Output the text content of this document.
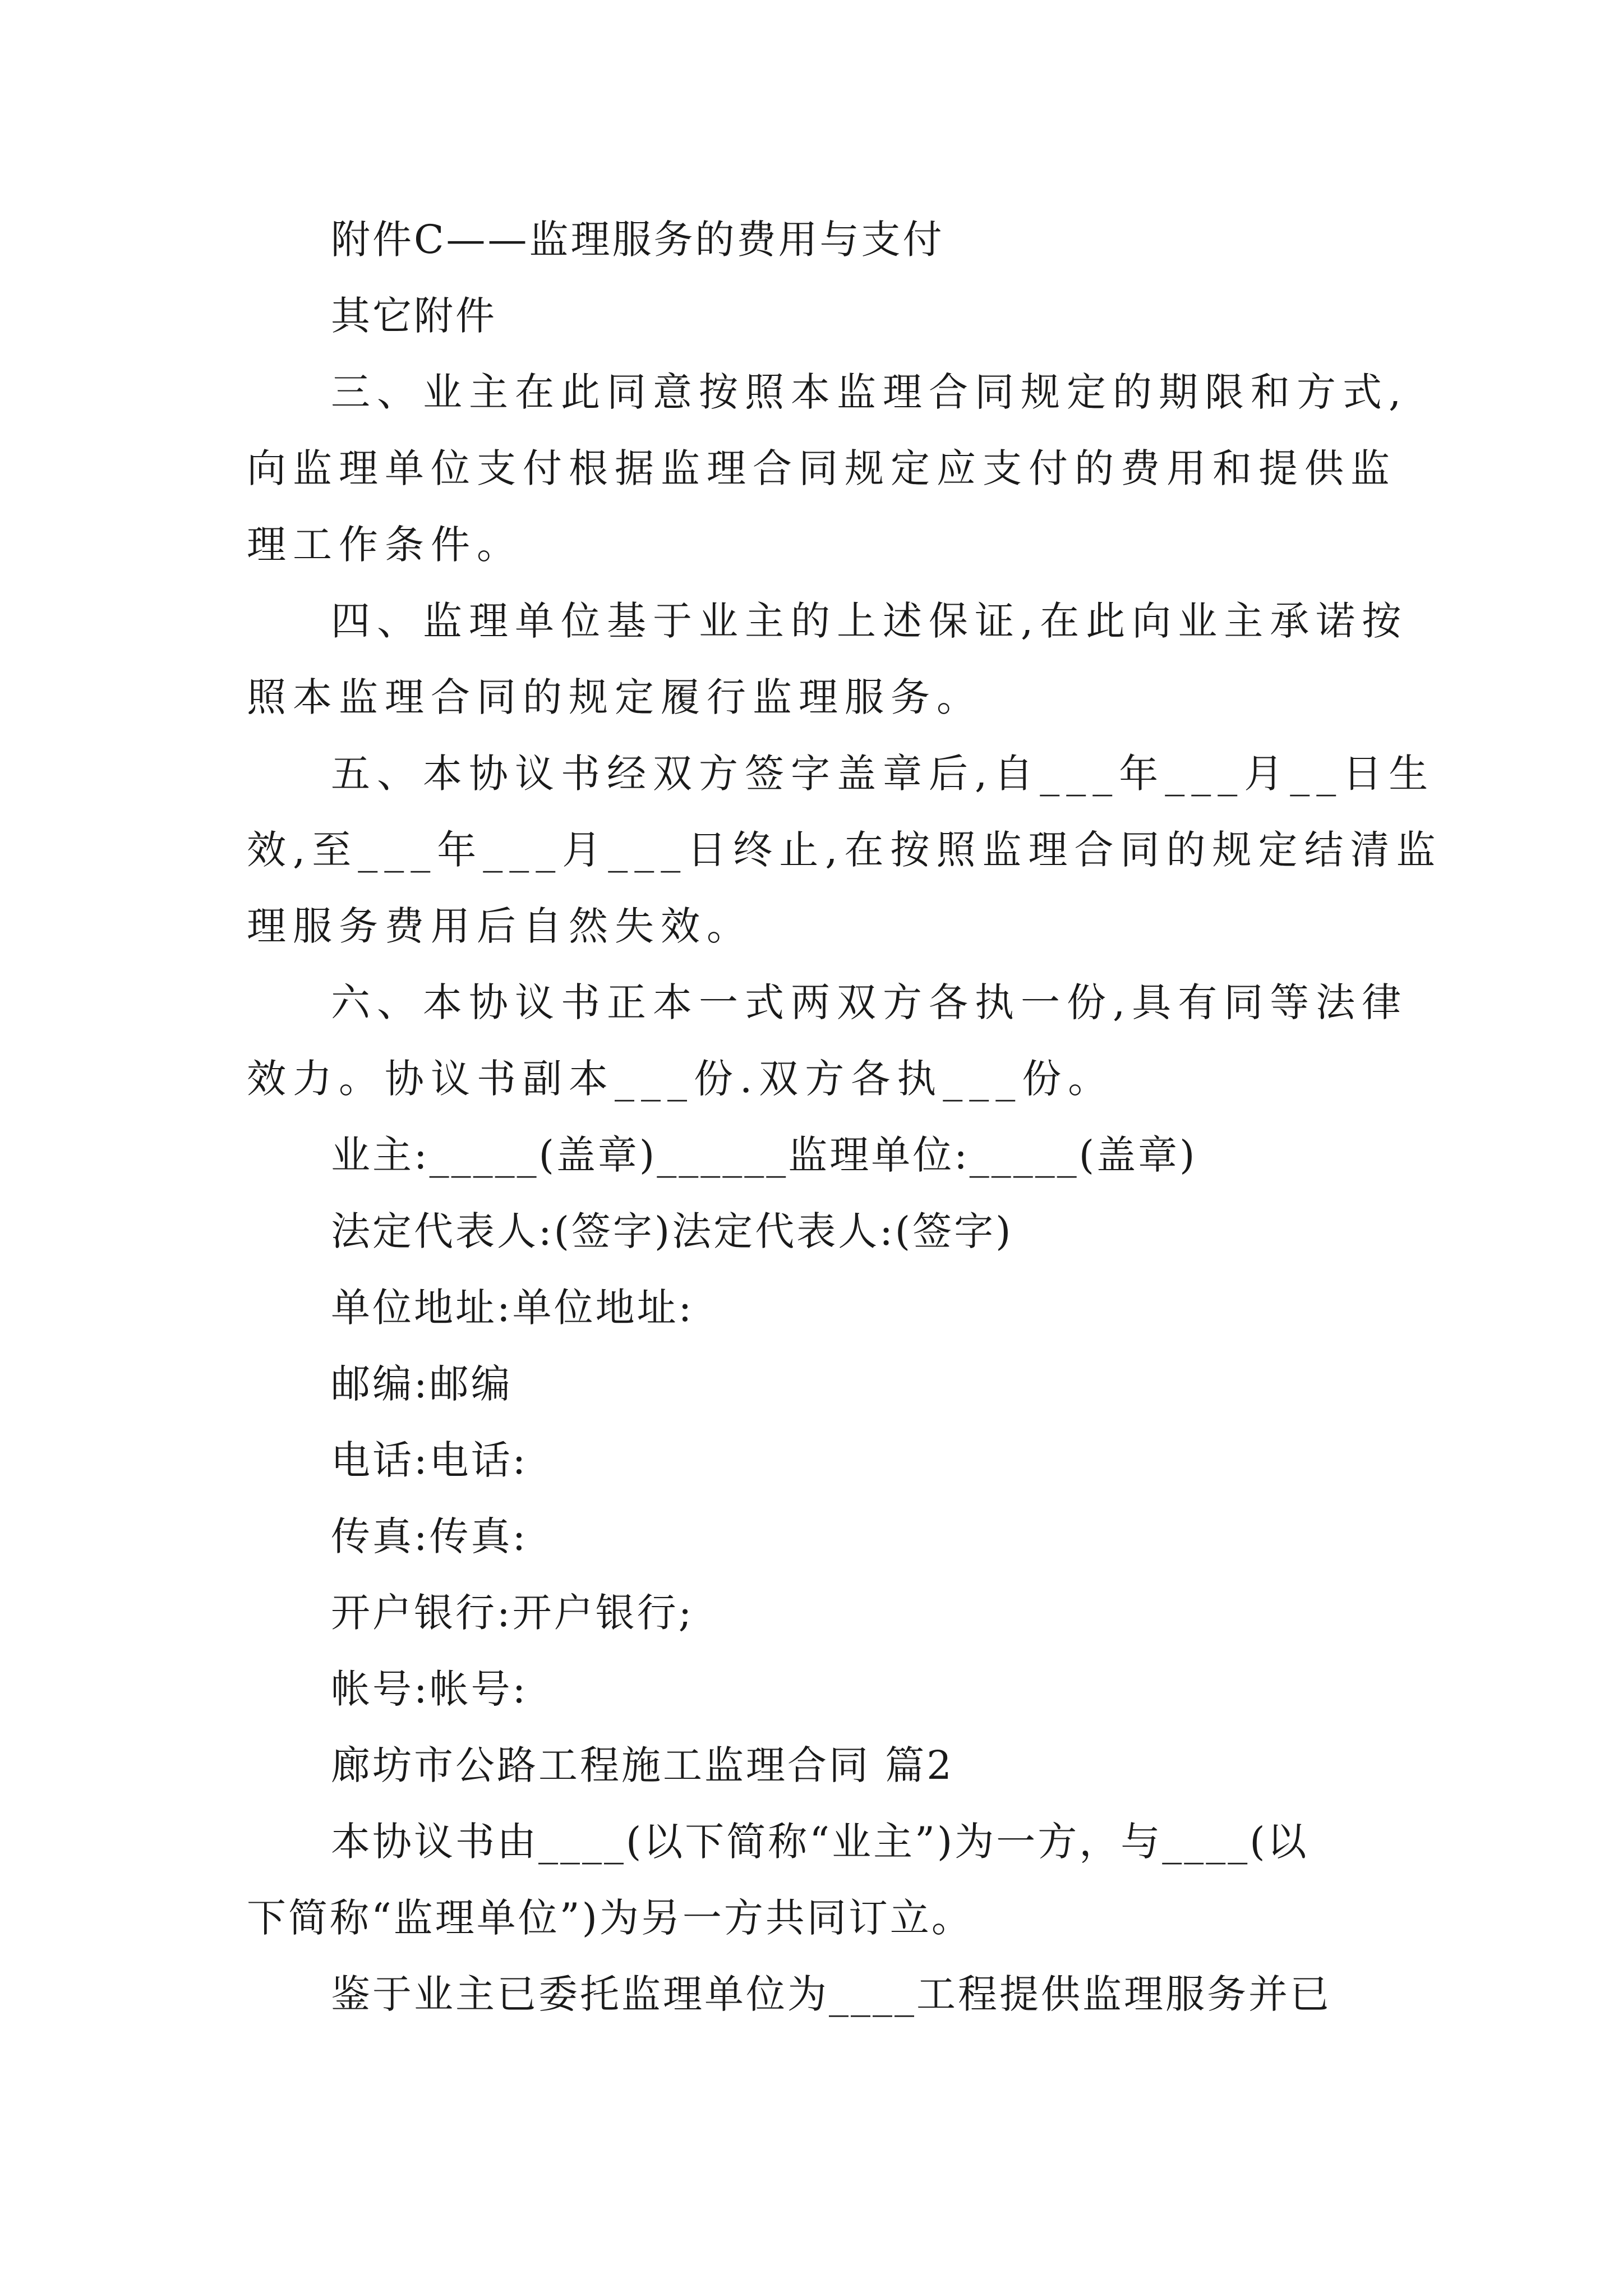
附件C——监理服务的费用与支付

其它附件

三、业主在此同意按照本监理合同规定的期限和方式,

向监理单位支付根据监理合同规定应支付的费用和提供监

理工作条件。

四、监理单位基于业主的上述保证,在此向业主承诺按

照本监理合同的规定履行监理服务。

五、本协议书经双方签字盖章后,自___年___月__日生

效,至___年___月___日终止,在按照监理合同的规定结清监

理服务费用后自然失效。

六、本协议书正本一式两双方各执一份,具有同等法律

效力。协议书副本___份.双方各执___份。

业主:_____(盖章)______监理单位:_____(盖章)

法定代表人:(签字)法定代表人:(签字)

单位地址:单位地址:

邮编:邮编

电话:电话:

传真:传真:

开户银行:开户银行;

帐号:帐号:

廊坊市公路工程施工监理合同 篇2

本协议书由____(以下简称“业主”)为一方，与____(以

下简称“监理单位”)为另一方共同订立。

鉴于业主已委托监理单位为____工程提供监理服务并已
